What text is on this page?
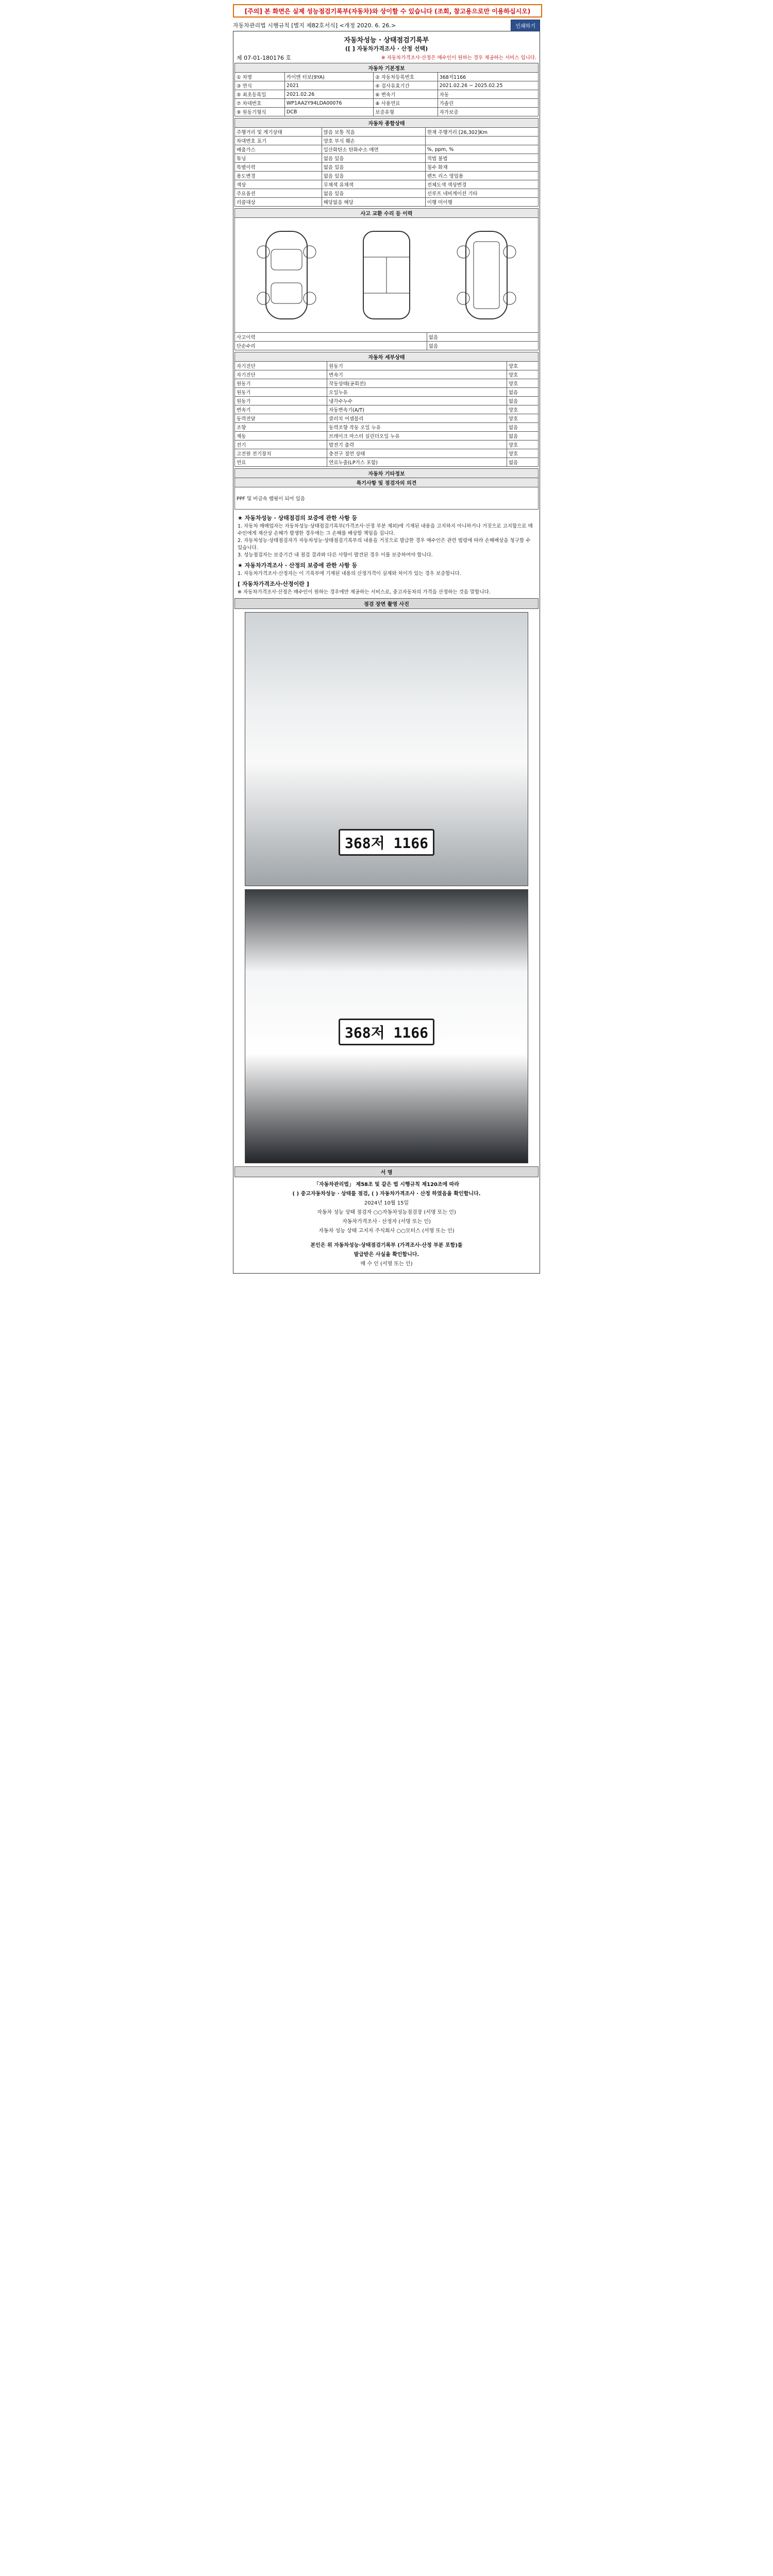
[주의] 본 화면은 실제 성능점검기록부(자동차)와 상이할 수 있습니다 (조회, 참고용으로만 이용하십시오)
자동차관리법 시행규칙 [별지 제82호서식] <개정 2020. 6. 26.>	인쇄하기
자동차성능 · 상태점검기록부
([ ] 자동차가격조사 · 산정 선택)
제 07-01-180176 호	※ 자동차가격조사·산정은 매수인이 원하는 경우 제공하는 서비스 입니다.
자동차 기본정보			
① 차명	카이엔 터보(9YA)	② 자동차등록번호	368저1166
③ 연식	2021	④ 검사유효기간	2021.02.26 ~ 2025.02.25
⑤ 최초등록일	2021.02.26	⑥ 변속기	자동
⑦ 차대번호	WP1AA2Y94LDA00076	⑧ 사용연료	가솔린
⑨ 원동기형식	DCB	보증유형	자가보증
자동차 종합상태		
주행거리 및 계기상태	많음 보통 적음	현재 주행거리 [26,302]Km
차대번호 표기	양호 부식 훼손	
배출가스	일산화탄소 탄화수소 매연	%, ppm, %
튜닝	없음 있음	적법 불법
특별이력	없음 있음	침수 화재
용도변경	없음 있음	렌트 리스 영업용
색상	무채색 유채색	전체도색 색상변경
주요옵션	없음 있음	선루프 네비게이션 기타
리콜대상	해당없음 해당	이행 미이행
사고 교환 수리 등 이력	

사고이력	없음
단순수리	없음
자동차 세부상태		
자기진단	원동기	양호
자기진단	변속기	양호
원동기	작동상태(공회전)	양호
원동기	오일누유	없음
원동기	냉각수누수	없음
변속기	자동변속기(A/T)	양호
동력전달	클러치 어셈블리	양호
조향	동력조향 작동 오일 누유	없음
제동	브레이크 마스터 실린더오일 누유	없음
전기	발전기 출력	양호
고전원 전기장치	충전구 절연 상태	양호
연료	연료누출(LP가스 포함)	없음
자동차 기타정보
특기사항 및 점검자의 의견
PPF 및 비금속 랩핑이 되어 있음
★ 자동차성능 · 상태점검의 보증에 관한 사항 등
1. 자동차 매매업자는 자동차성능·상태점검기록부(가격조사·산정 부분 제외)에 기재된 내용을 고지하지 아니하거나 거짓으로 고지함으로 매수인에게 재산상 손해가 발생한 경우에는 그 손해를 배상할 책임을 집니다.
2. 자동차성능·상태점검자가 자동차성능·상태점검기록부의 내용을 거짓으로 발급한 경우 매수인은 관련 법령에 따라 손해배상을 청구할 수 있습니다.
3. 성능점검자는 보증기간 내 점검 결과와 다른 사항이 발견된 경우 이를 보증하여야 합니다.
★ 자동차가격조사 · 산정의 보증에 관한 사항 등
1. 자동차가격조사·산정자는 이 기록부에 기재된 내용의 산정가격이 실제와 차이가 있는 경우 보증합니다.
[ 자동차가격조사·산정이란 ]
※ 자동차가격조사·산정은 매수인이 원하는 경우에만 제공하는 서비스로, 중고자동차의 가격을 산정하는 것을 말합니다.
점검 장면 촬영 사진
368저 1166
368저 1166
서 명
「자동차관리법」 제58조 및 같은 법 시행규칙 제120조에 따라
( ) 중고자동차성능 · 상태를 점검, ( ) 자동차가격조사 · 산정 하였음을 확인합니다.
2024년 10월 15일
자동차 성능 상태 점검자 ○○자동차성능점검장 (서명 또는 인)
자동차가격조사 · 산정자 (서명 또는 인)
자동차 성능 상태 고지자 주식회사 ○○모터스 (서명 또는 인)
본인은 위 자동차성능·상태점검기록부 (가격조사·산정 부분 포함)를
발급받은 사실을 확인합니다.
매 수 인 (서명 또는 인)
